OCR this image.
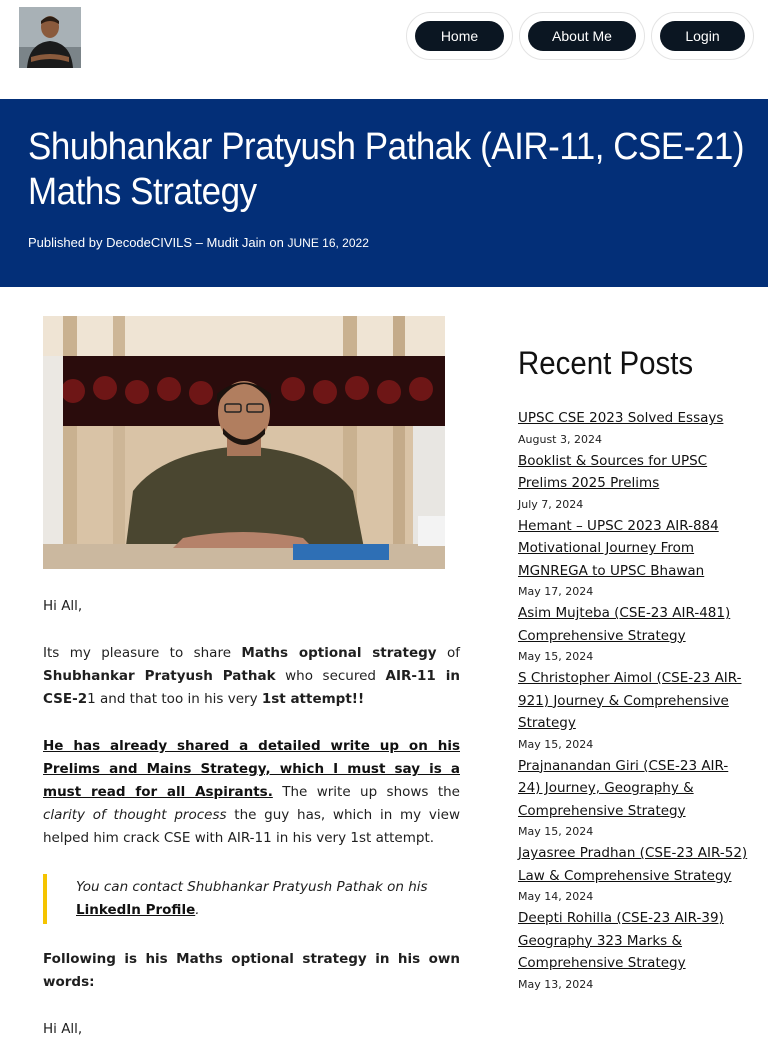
Home	About Me	Login
Shubhankar Pratyush Pathak (AIR-11, CSE-21) Maths Strategy
Published by DecodeCIVILS – Mudit Jain on JUNE 16, 2022

Hi All,

Its my pleasure to share Maths optional strategy of Shubhankar Pratyush Pathak who secured AIR-11 in CSE-21 and that too in his very 1st attempt!!

He has already shared a detailed write up on his Prelims and Mains Strategy, which I must say is a must read for all Aspirants. The write up shows the clarity of thought process the guy has, which in my view helped him crack CSE with AIR-11 in his very 1st attempt.

You can contact Shubhankar Pratyush Pathak on his LinkedIn Profile.

Following is his Maths optional strategy in his own words:

Hi All,

Recent Posts
UPSC CSE 2023 Solved Essays
August 3, 2024
Booklist & Sources for UPSC Prelims 2025 Prelims
July 7, 2024
Hemant – UPSC 2023 AIR-884 Motivational Journey From MGNREGA to UPSC Bhawan
May 17, 2024
Asim Mujteba (CSE-23 AIR-481) Comprehensive Strategy
May 15, 2024
S Christopher Aimol (CSE-23 AIR-921) Journey & Comprehensive Strategy
May 15, 2024
Prajnanandan Giri (CSE-23 AIR-24) Journey, Geography & Comprehensive Strategy
May 15, 2024
Jayasree Pradhan (CSE-23 AIR-52) Law & Comprehensive Strategy
May 14, 2024
Deepti Rohilla (CSE-23 AIR-39) Geography 323 Marks & Comprehensive Strategy
May 13, 2024
